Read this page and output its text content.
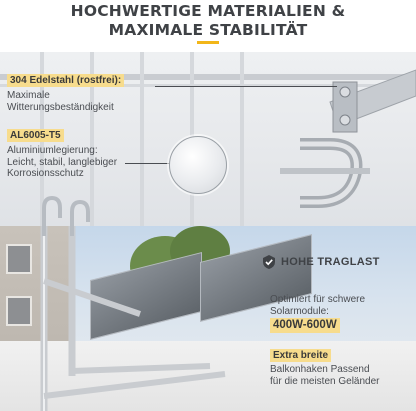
HOCHWERTIGE MATERIALIEN &
MAXIMALE STABILITÄT
304 Edelstahl (rostfrei):
Maximale
Witterungsbeständigkeit
AL6005-T5
Aluminiumlegierung:
Leicht, stabil, langlebiger
Korrosionsschutz
HOHE TRAGLAST
Optimiert für schwere
Solarmodule:
400W-600W
Extra breite
Balkonhaken Passend
für die meisten Geländer
